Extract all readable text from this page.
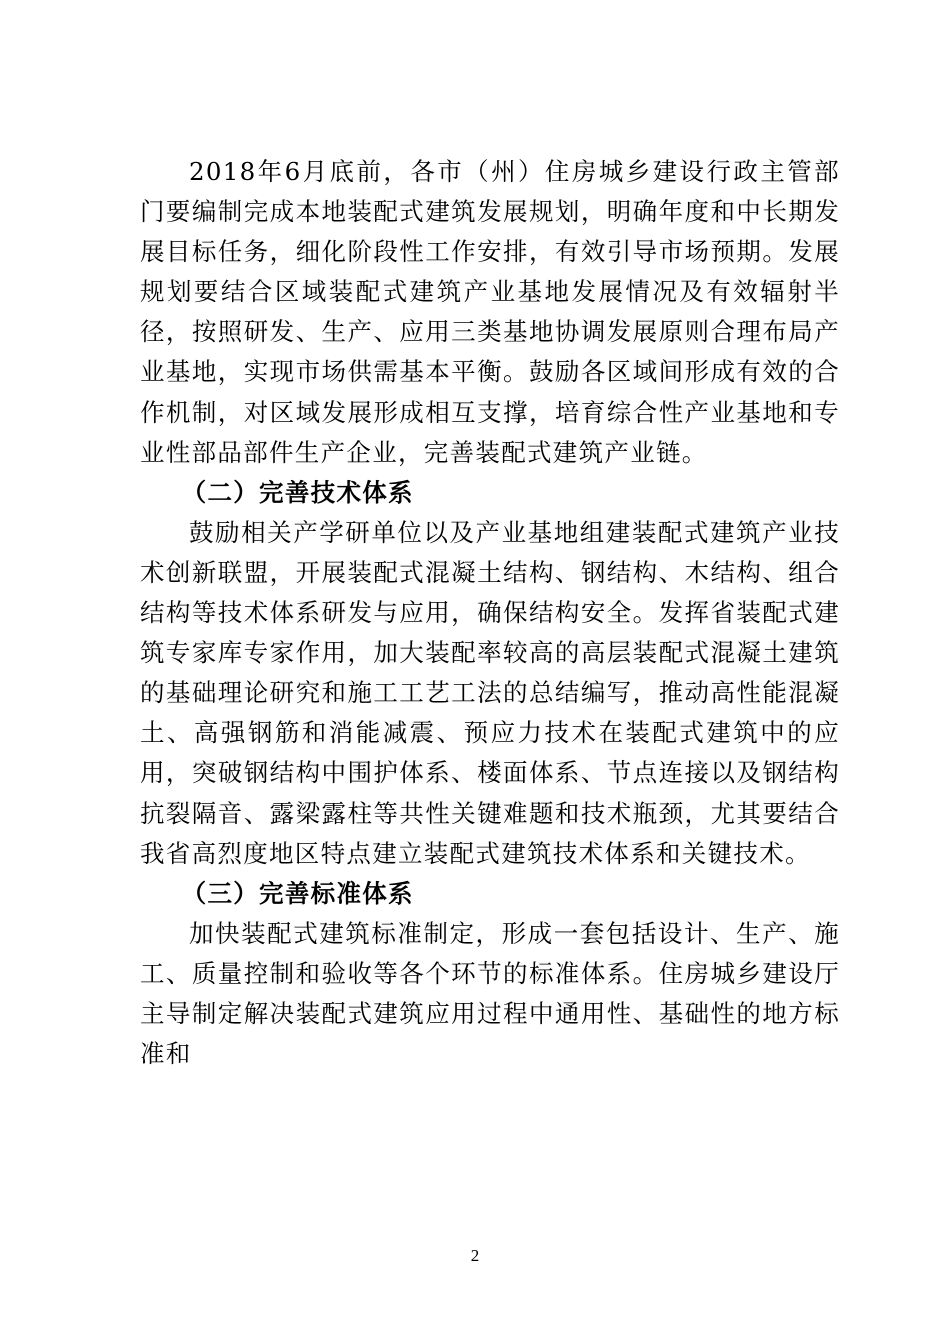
2018年6月底前，各市（州）住房城乡建设行政主管部门要编制完成本地装配式建筑发展规划，明确年度和中长期发展目标任务，细化阶段性工作安排，有效引导市场预期。发展规划要结合区域装配式建筑产业基地发展情况及有效辐射半径，按照研发、生产、应用三类基地协调发展原则合理布局产业基地，实现市场供需基本平衡。鼓励各区域间形成有效的合作机制，对区域发展形成相互支撑，培育综合性产业基地和专业性部品部件生产企业，完善装配式建筑产业链。

（二）完善技术体系

鼓励相关产学研单位以及产业基地组建装配式建筑产业技术创新联盟，开展装配式混凝土结构、钢结构、木结构、组合结构等技术体系研发与应用，确保结构安全。发挥省装配式建筑专家库专家作用，加大装配率较高的高层装配式混凝土建筑的基础理论研究和施工工艺工法的总结编写，推动高性能混凝土、高强钢筋和消能减震、预应力技术在装配式建筑中的应用，突破钢结构中围护体系、楼面体系、节点连接以及钢结构抗裂隔音、露梁露柱等共性关键难题和技术瓶颈，尤其要结合我省高烈度地区特点建立装配式建筑技术体系和关键技术。

（三）完善标准体系

加快装配式建筑标准制定，形成一套包括设计、生产、施工、质量控制和验收等各个环节的标准体系。住房城乡建设厅主导制定解决装配式建筑应用过程中通用性、基础性的地方标准和

2
